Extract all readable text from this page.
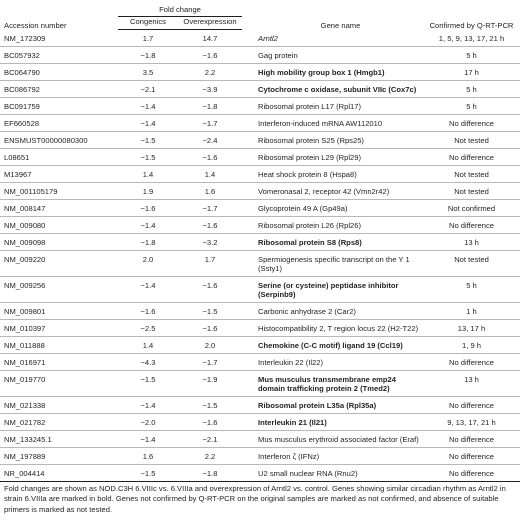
Accession number	Fold change		Gene name	Confirmed by Q-RT-PCR
	Congenics	Overexpression		
NM_172309	1.7	14.7	Arntl2	1, 5, 9, 13, 17, 21 h
BC057932	−1.8	−1.6	Gag protein	5 h
BC064790	3.5	2.2	High mobility group box 1 (Hmgb1)	17 h
BC086792	−2.1	−3.9	Cytochrome c oxidase, subunit VIIc (Cox7c)	5 h
BC091759	−1.4	−1.8	Ribosomal protein L17 (Rpl17)	5 h
EF660528	−1.4	−1.7	Interferon-induced mRNA AW112010	No difference
ENSMUST00000080300	−1.5	−2.4	Ribosomal protein S25 (Rps25)	Not tested
L08651	−1.5	−1.6	Ribosomal protein L29 (Rpl29)	No difference
M13967	1.4	1.4	Heat shock protein 8 (Hspa8)	Not tested
NM_001105179	1.9	1.6	Vomeronasal 2, receptor 42 (Vmn2r42)	Not tested
NM_008147	−1.6	−1.7	Glycoprotein 49 A (Gp49a)	Not confirmed
NM_009080	−1.4	−1.6	Ribosomal protein L26 (Rpl26)	No difference
NM_009098	−1.8	−3.2	Ribosomal protein S8 (Rps8)	13 h
NM_009220	2.0	1.7	Spermiogenesis specific transcript on the Y 1 (Ssty1)	Not tested
NM_009256	−1.4	−1.6	Serine (or cysteine) peptidase inhibitor (Serpinb9)	5 h
NM_009801	−1.6	−1.5	Carbonic anhydrase 2 (Car2)	1 h
NM_010397	−2.5	−1.6	Histocompatibility 2, T region locus 22 (H2-T22)	13, 17 h
NM_011888	1.4	2.0	Chemokine (C-C motif) ligand 19 (Ccl19)	1, 9 h
NM_016971	−4.3	−1.7	Interleukin 22 (Il22)	No difference
NM_019770	−1.5	−1.9	Mus musculus transmembrane emp24 domain trafficking protein 2 (Tmed2)	13 h
NM_021338	−1.4	−1.5	Ribosomal protein L35a (Rpl35a)	No difference
NM_021782	−2.0	−1.6	Interleukin 21 (Il21)	9, 13, 17, 21 h
NM_133245.1	−1.4	−2.1	Mus musculus erythroid associated factor (Eraf)	No difference
NM_197889	1.6	2.2	Interferon ζ (IFNz)	No difference
NR_004414	−1.5	−1.8	U2 small nuclear RNA (Rnu2)	No difference
Fold changes are shown as NOD.C3H 6.VIIIc vs. 6.VIIIa and overexpression of Arntl2 vs. control. Genes showing similar circadian rhythm as Arntl2 in strain 6.VIIIa are marked in bold. Genes not confirmed by Q-RT-PCR on the original samples are marked as not confirmed, and absence of suitable primers is marked as not tested.
